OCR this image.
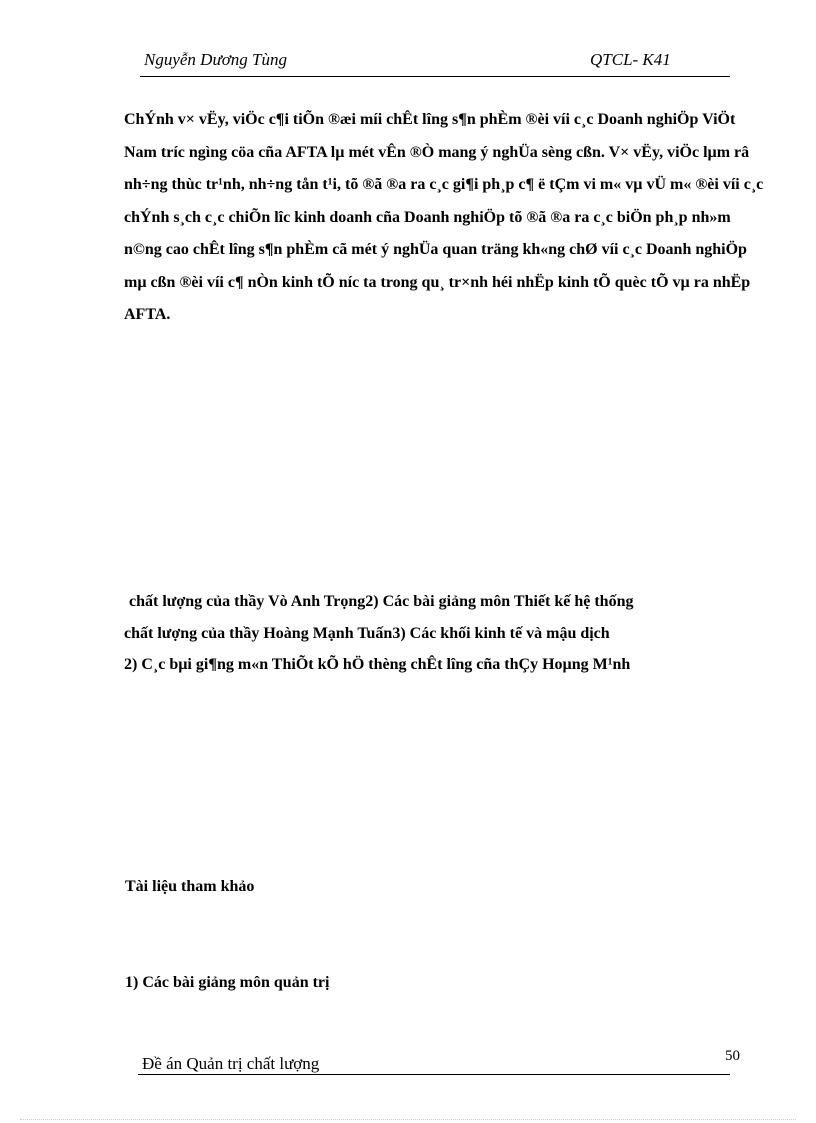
Nguyễn Dương Tùng	QTCL- K41

ChÝnh v× vËy, viÖc c¶i tiÕn ®æi míi chÊt lîng s¶n phÈm ®èi víi c¸c Doanh nghiÖp ViÖt Nam tríc ngìng cöa cña AFTA lµ mét vÊn ®Ò mang ý nghÜa sèng cßn. V× vËy, viÖc lµm râ nh÷ng thùc tr¹nh, nh÷ng tån t¹i, tõ ®ã ®a ra c¸c gi¶i ph¸p c¶ ë tÇm vi m« vµ vÜ m« ®èi víi c¸c chÝnh s¸ch c¸c chiÕn lîc kinh doanh cña Doanh nghiÖp tõ ®ã ®a ra c¸c biÖn ph¸p nh»m n©ng cao chÊt lîng s¶n phÈm cã mét ý nghÜa quan träng kh«ng chØ víi c¸c Doanh nghiÖp mµ cßn ®èi víi c¶ nÒn kinh tÕ níc ta trong qu¸ tr×nh héi nhËp kinh tÕ quèc tÕ vµ ra nhËp AFTA.

chất lượng của thầy Vò Anh Trọng2) Các bài giảng môn Thiết kế hệ thống
chất lượng của thầy Hoàng Mạnh Tuấn3) Các khối kinh tế và mậu dịch
2) C¸c bµi gi¶ng m«n ThiÕt kÕ hÖ thèng chÊt lîng cña thÇy Hoµng M¹nh
Tài liệu tham khảo
1) Các bài giảng môn quản trị
Đề án Quản trị chất lượng	50
